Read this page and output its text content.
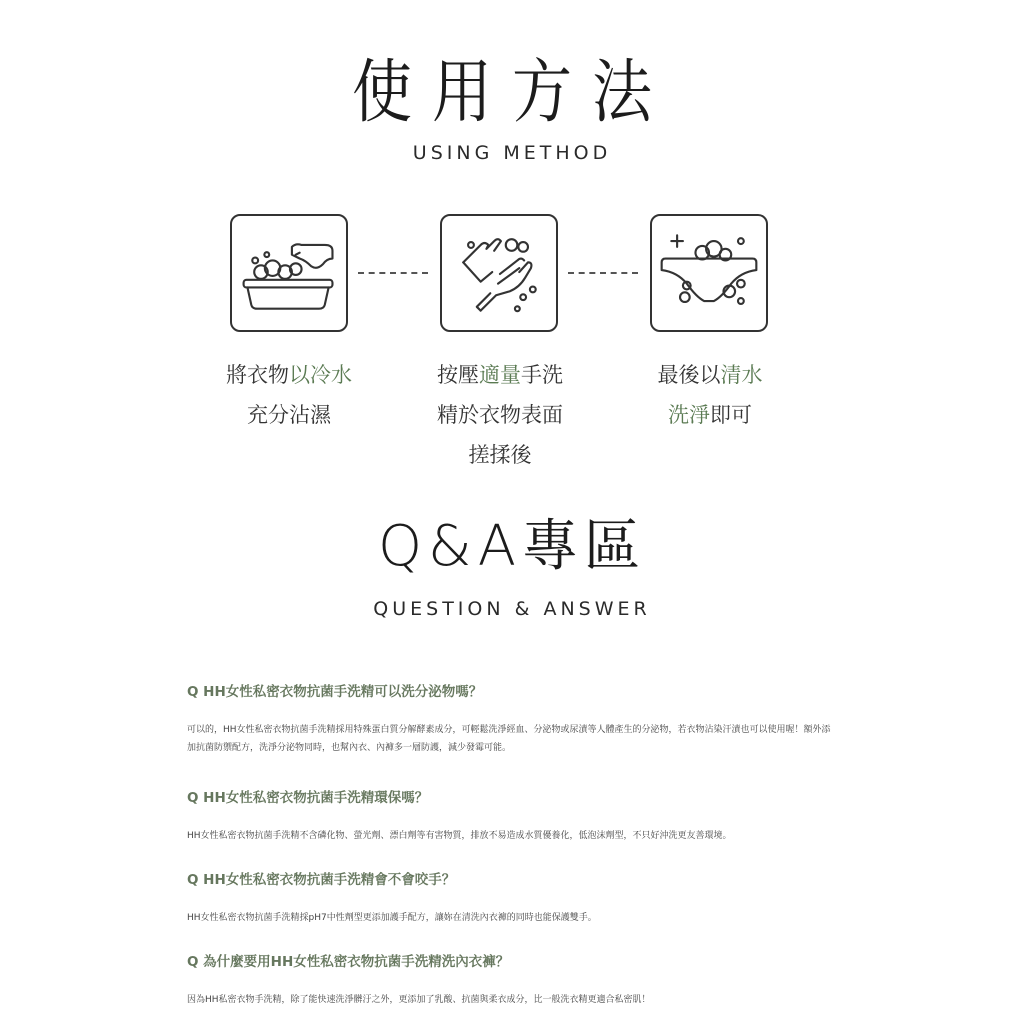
使用方法
USING METHOD
將衣物以冷水
充分沾濕
按壓適量手洗
精於衣物表面
搓揉後
最後以清水
洗淨即可
Q&A專區
QUESTION & ANSWER
Q HH女性私密衣物抗菌手洗精可以洗分泌物嗎？
可以的，HH女性私密衣物抗菌手洗精採用特殊蛋白質分解酵素成分，可輕鬆洗淨經血、分泌物或尿漬等人體產生的分泌物，若衣物沾染汗漬也可以使用喔！額外添加抗菌防禦配方，洗淨分泌物同時，也幫內衣、內褲多一層防護，減少發霉可能。
Q HH女性私密衣物抗菌手洗精環保嗎？
HH女性私密衣物抗菌手洗精不含磷化物、螢光劑、漂白劑等有害物質，排放不易造成水質優養化，低泡沫劑型，不只好沖洗更友善環境。
Q HH女性私密衣物抗菌手洗精會不會咬手？
HH女性私密衣物抗菌手洗精採pH7中性劑型更添加護手配方，讓妳在清洗內衣褲的同時也能保護雙手。
Q 為什麼要用HH女性私密衣物抗菌手洗精洗內衣褲？
因為HH私密衣物手洗精，除了能快速洗淨髒汙之外，更添加了乳酸、抗菌與柔衣成分，比一般洗衣精更適合私密肌！
